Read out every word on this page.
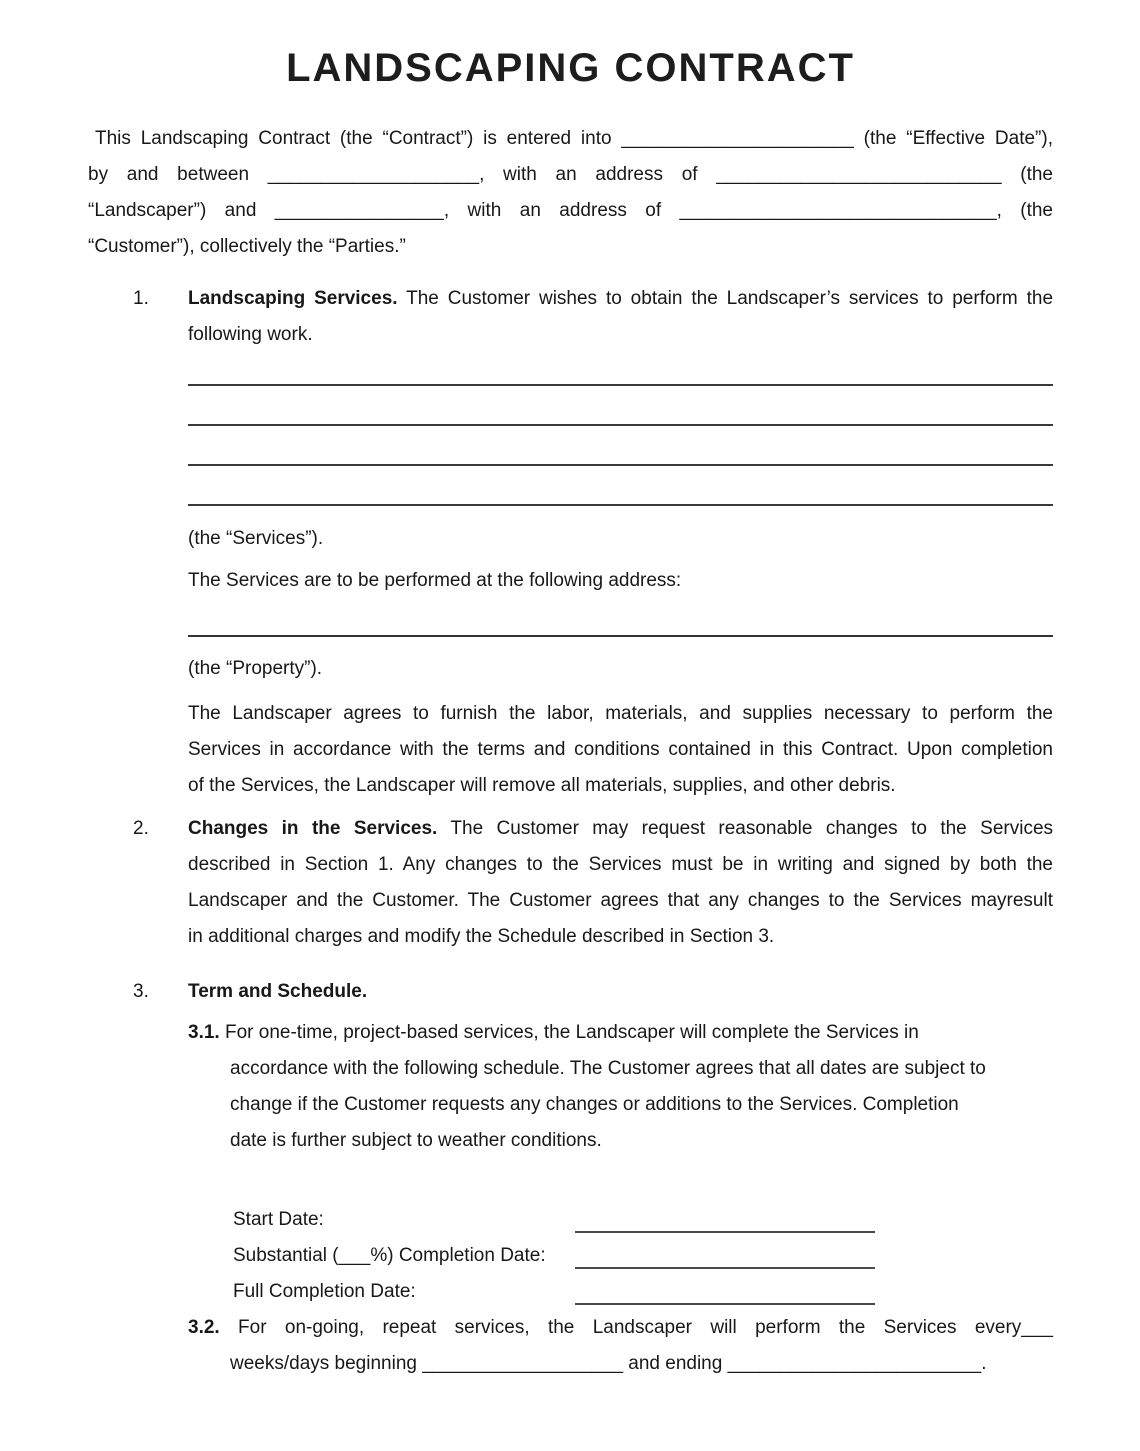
LANDSCAPING CONTRACT
This Landscaping Contract (the “Contract”) is entered into ______________________ (the “Effective Date”),
by and between ____________________, with an address of ___________________________ (the
“Landscaper”) and ________________, with an address of ______________________________, (the
“Customer”), collectively the “Parties.”
1.	Landscaping Services. The Customer wishes to obtain the Landscaper’s services to perform the
following work.
(the “Services”).
The Services are to be performed at the following address:
(the “Property”).
The Landscaper agrees to furnish the labor, materials, and supplies necessary to perform the
Services in accordance with the terms and conditions contained in this Contract. Upon completion
of the Services, the Landscaper will remove all materials, supplies, and other debris.
2.	Changes in the Services. The Customer may request reasonable changes to the Services
described in Section 1. Any changes to the Services must be in writing and signed by both the
Landscaper and the Customer. The Customer agrees that any changes to the Services mayresult
in additional charges and modify the Schedule described in Section 3.
3.	Term and Schedule.
3.1. For one-time, project-based services, the Landscaper will complete the Services in
accordance with the following schedule. The Customer agrees that all dates are subject to
change if the Customer requests any changes or additions to the Services. Completion
date is further subject to weather conditions.
Start Date:
Substantial (___%) Completion Date:
Full Completion Date:
3.2. For on-going, repeat services, the Landscaper will perform the Services every___
weeks/days beginning ___________________ and ending ________________________.
